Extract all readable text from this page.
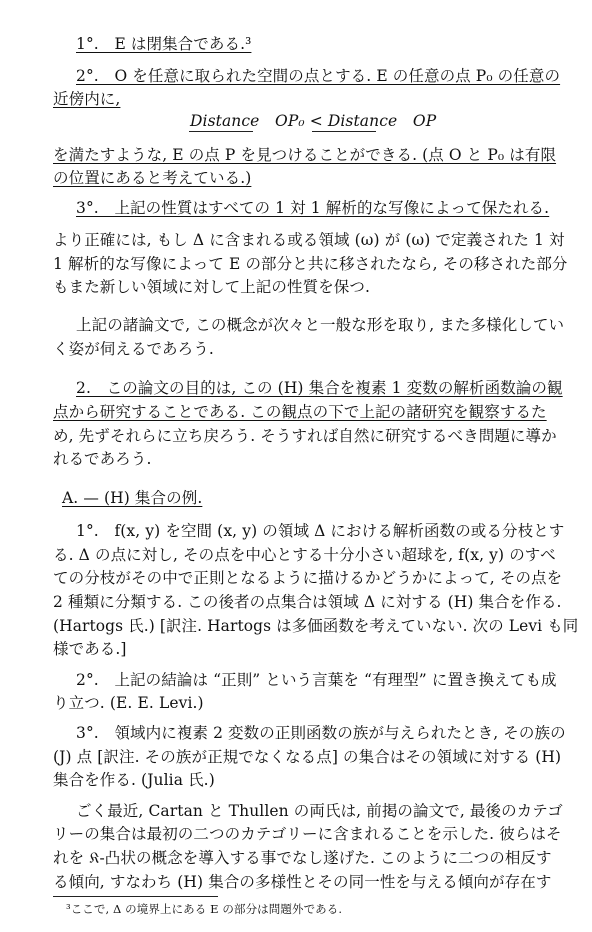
1°.　E は閉集合である.³
2°.　O を任意に取られた空間の点とする. E の任意の点 P₀ の任意の
近傍内に,
Distance　OP₀ < Distance　OP
を満たすような, E の点 P を見つけることができる. (点 O と P₀ は有限
の位置にあると考えている.)
3°.　上記の性質はすべての 1 対 1 解析的な写像によって保たれる.
より正確には, もし Δ に含まれる或る領域 (ω) が (ω) で定義された 1 対
1 解析的な写像によって E の部分と共に移されたなら, その移された部分
もまた新しい領域に対して上記の性質を保つ.
上記の諸論文で, この概念が次々と一般な形を取り, また多様化してい
く姿が伺えるであろう.
2.　この論文の目的は, この (H) 集合を複素 1 変数の解析函数論の観
点から研究することである. この観点の下で上記の諸研究を観察するた
め, 先ずそれらに立ち戻ろう. そうすれば自然に研究するべき問題に導か
れるであろう.
A. — (H) 集合の例.
1°.　f(x, y) を空間 (x, y) の領域 Δ における解析函数の或る分枝とす
る. Δ の点に対し, その点を中心とする十分小さい超球を, f(x, y) のすべ
ての分枝がその中で正則となるように描けるかどうかによって, その点を
2 種類に分類する. この後者の点集合は領域 Δ に対する (H) 集合を作る.
(Hartogs 氏.) [訳注. Hartogs は多価函数を考えていない. 次の Levi も同
様である.]
2°.　上記の結論は “正則” という言葉を “有理型” に置き換えても成
り立つ. (E. E. Levi.)
3°.　領域内に複素 2 変数の正則函数の族が与えられたとき, その族の
(J) 点 [訳注. その族が正規でなくなる点] の集合はその領域に対する (H)
集合を作る. (Julia 氏.)
ごく最近, Cartan と Thullen の両氏は, 前掲の論文で, 最後のカテゴ
リーの集合は最初の二つのカテゴリーに含まれることを示した. 彼らはそ
れを 𝔎-凸状の概念を導入する事でなし遂げた. このように二つの相反す
る傾向, すなわち (H) 集合の多様性とその同一性を与える傾向が存在す
³ここで, Δ の境界上にある E の部分は問題外である.
